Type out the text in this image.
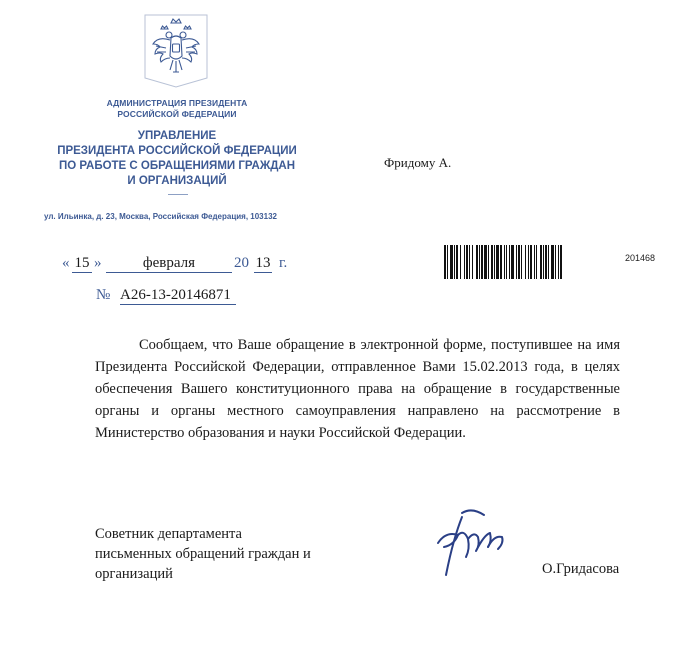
АДМИНИСТРАЦИЯ ПРЕЗИДЕНТА
РОССИЙСКОЙ ФЕДЕРАЦИИ
УПРАВЛЕНИЕ
ПРЕЗИДЕНТА РОССИЙСКОЙ ФЕДЕРАЦИИ
ПО РАБОТЕ С ОБРАЩЕНИЯМИ ГРАЖДАН
И ОРГАНИЗАЦИЙ
ул. Ильинка, д. 23, Москва, Российская Федерация, 103132
Фридому А.
« 15 »	февраля	20 13 г.	201468
№ А26-13-20146871

Сообщаем, что Ваше обращение в электронной форме, поступившее на имя Президента Российской Федерации, отправленное Вами 15.02.2013 года, в целях обеспечения Вашего конституционного права на обращение в государственные органы и органы местного самоуправления направлено на рассмотрение в Министерство образования и науки Российской Федерации.

Советник департамента
письменных обращений граждан и
организаций	О.Гридасова
